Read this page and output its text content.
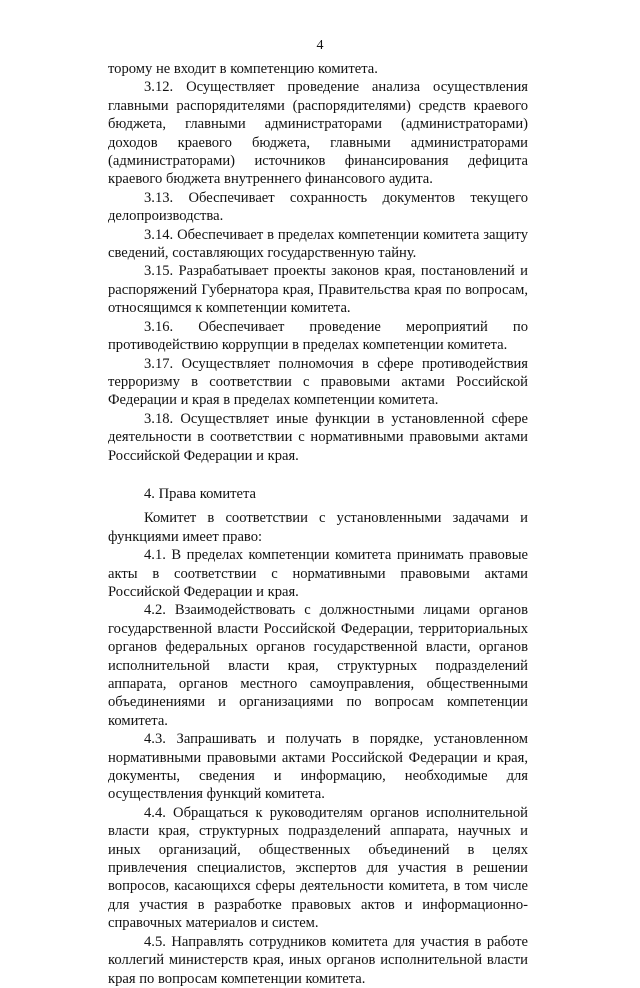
4

торому не входит в компетенцию комитета.

3.12. Осуществляет проведение анализа осуществления главными распорядителями (распорядителями) средств краевого бюджета, главными администраторами (администраторами) доходов краевого бюджета, главными администраторами (администраторами) источников финансирования дефицита краевого бюджета внутреннего финансового аудита.

3.13. Обеспечивает сохранность документов текущего делопроизводства.

3.14. Обеспечивает в пределах компетенции комитета защиту сведений, составляющих государственную тайну.

3.15. Разрабатывает проекты законов края, постановлений и распоряжений Губернатора края, Правительства края по вопросам, относящимся к компетенции комитета.

3.16. Обеспечивает проведение мероприятий по противодействию коррупции в пределах компетенции комитета.

3.17. Осуществляет полномочия в сфере противодействия терроризму в соответствии с правовыми актами Российской Федерации и края в пределах компетенции комитета.

3.18. Осуществляет иные функции в установленной сфере деятельности в соответствии с нормативными правовыми актами Российской Федерации и края.

4. Права комитета

Комитет в соответствии с установленными задачами и функциями имеет право:

4.1. В пределах компетенции комитета принимать правовые акты в соответствии с нормативными правовыми актами Российской Федерации и края.

4.2. Взаимодействовать с должностными лицами органов государственной власти Российской Федерации, территориальных органов федеральных органов государственной власти, органов исполнительной власти края, структурных подразделений аппарата, органов местного самоуправления, общественными объединениями и организациями по вопросам компетенции комитета.

4.3. Запрашивать и получать в порядке, установленном нормативными правовыми актами Российской Федерации и края, документы, сведения и информацию, необходимые для осуществления функций комитета.

4.4. Обращаться к руководителям органов исполнительной власти края, структурных подразделений аппарата, научных и иных организаций, общественных объединений в целях привлечения специалистов, экспертов для участия в решении вопросов, касающихся сферы деятельности комитета, в том числе для участия в разработке правовых актов и информационно-справочных материалов и систем.

4.5. Направлять сотрудников комитета для участия в работе коллегий министерств края, иных органов исполнительной власти края по вопросам компетенции комитета.
